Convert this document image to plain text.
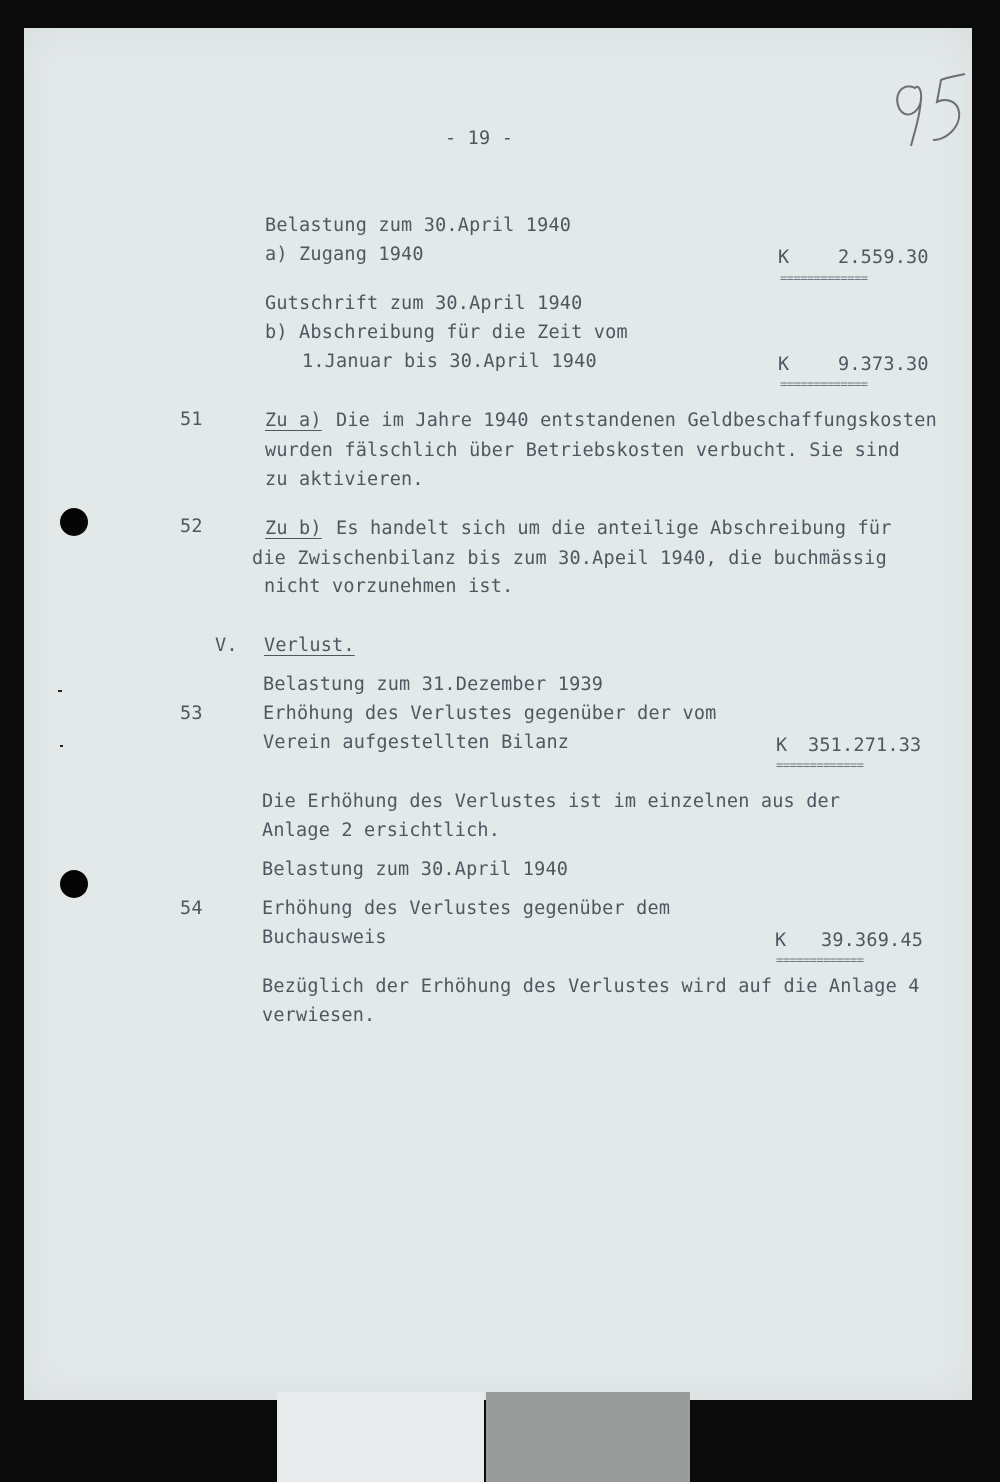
- 19 -
Belastung zum 30.April 1940
a) Zugang 1940	K	2.559.30
=============
Gutschrift zum 30.April 1940
b) Abschreibung für die Zeit vom
1.Januar bis 30.April 1940	K	9.373.30
=============
51	Zu a) Die im Jahre 1940 entstandenen Geldbeschaffungskosten
wurden fälschlich über Betriebskosten verbucht. Sie sind
zu aktivieren.
52	Zu b) Es handelt sich um die anteilige Abschreibung für
die Zwischenbilanz bis zum 30.Apeil 1940, die buchmässig
nicht vorzunehmen ist.
V. Verlust.
Belastung zum 31.Dezember 1939
53	Erhöhung des Verlustes gegenüber der vom
Verein aufgestellten Bilanz	K 351.271.33
=============
Die Erhöhung des Verlustes ist im einzelnen aus der
Anlage 2 ersichtlich.
Belastung zum 30.April 1940
54	Erhöhung des Verlustes gegenüber dem
Buchausweis	K 39.369.45
=============
Bezüglich der Erhöhung des Verlustes wird auf die Anlage 4
verwiesen.
